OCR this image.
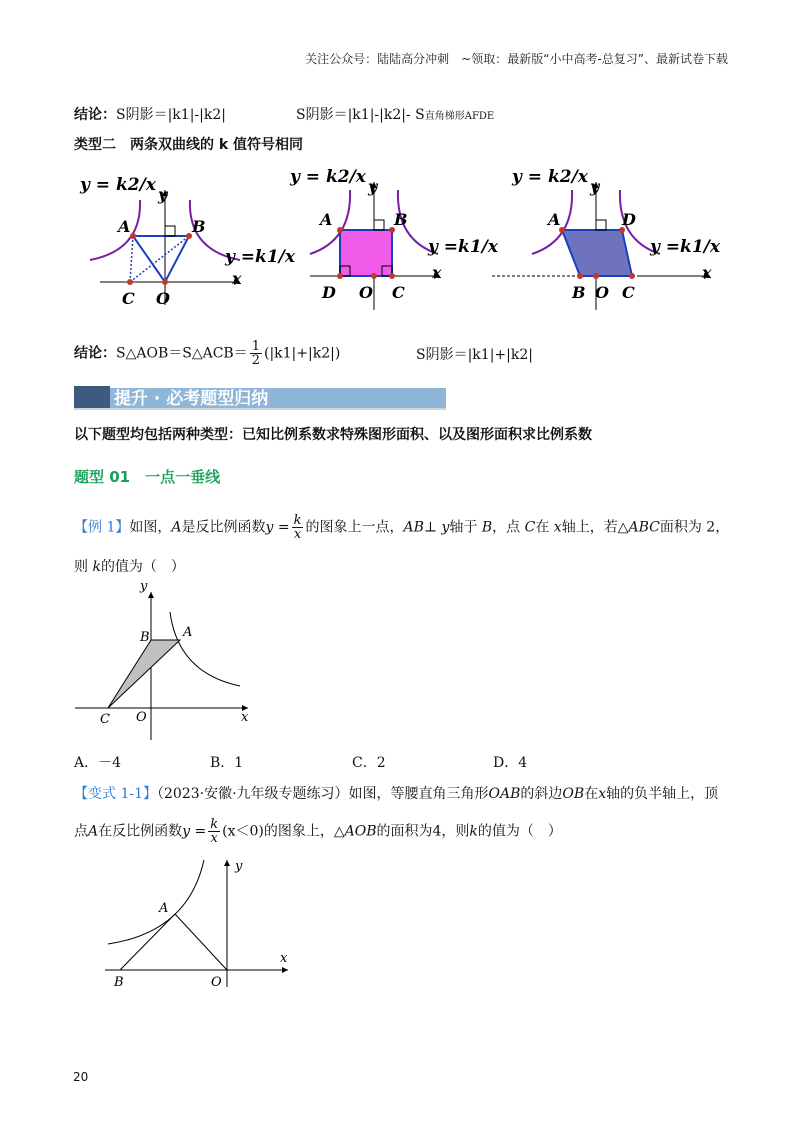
关注公众号：陆陆高分冲刺　~领取：最新版“小中高考-总复习”、最新试卷下载
结论：S阴影＝|k1|-|k2|	S阴影＝|k1|-|k2|- S直角梯形AFDE
类型二　两条双曲线的 k 值符号相同
y = k2/x y
A	B
y =k1/x
x
C O
y = k2/x y
A	B
y =k1/x
x
D O C
y = k2/x y
A	D
y =k1/x
x
B O C
结论：S△AOB＝S△ACB＝ $\frac{1}{2} (|k1|+|k2|)$	S阴影＝|k1|+|k2|
提升 · 必考题型归纳
以下题型均包括两种类型：已知比例系数求特殊图形面积、以及图形面积求比例系数
题型 01　一点一垂线
【例 1】如图，A是反比例函数$y = \frac{k}{x}$ 的图象上一点，AB⊥ y轴于 B，点 C在 x轴上，若△ABC面积为 2，
则 k的值为（　）
y
B	A
C O	x
A．－4	B．1	C．2	D．4
【变式 1-1】（2023·安徽·九年级专题练习）如图，等腰直角三角形OAB的斜边OB在x轴的负半轴上，顶
点A在反比例函数$y = \frac{k}{x} (x<0)$的图象上，△AOB的面积为4，则k的值为（　）
y
A
B	O
x
20
